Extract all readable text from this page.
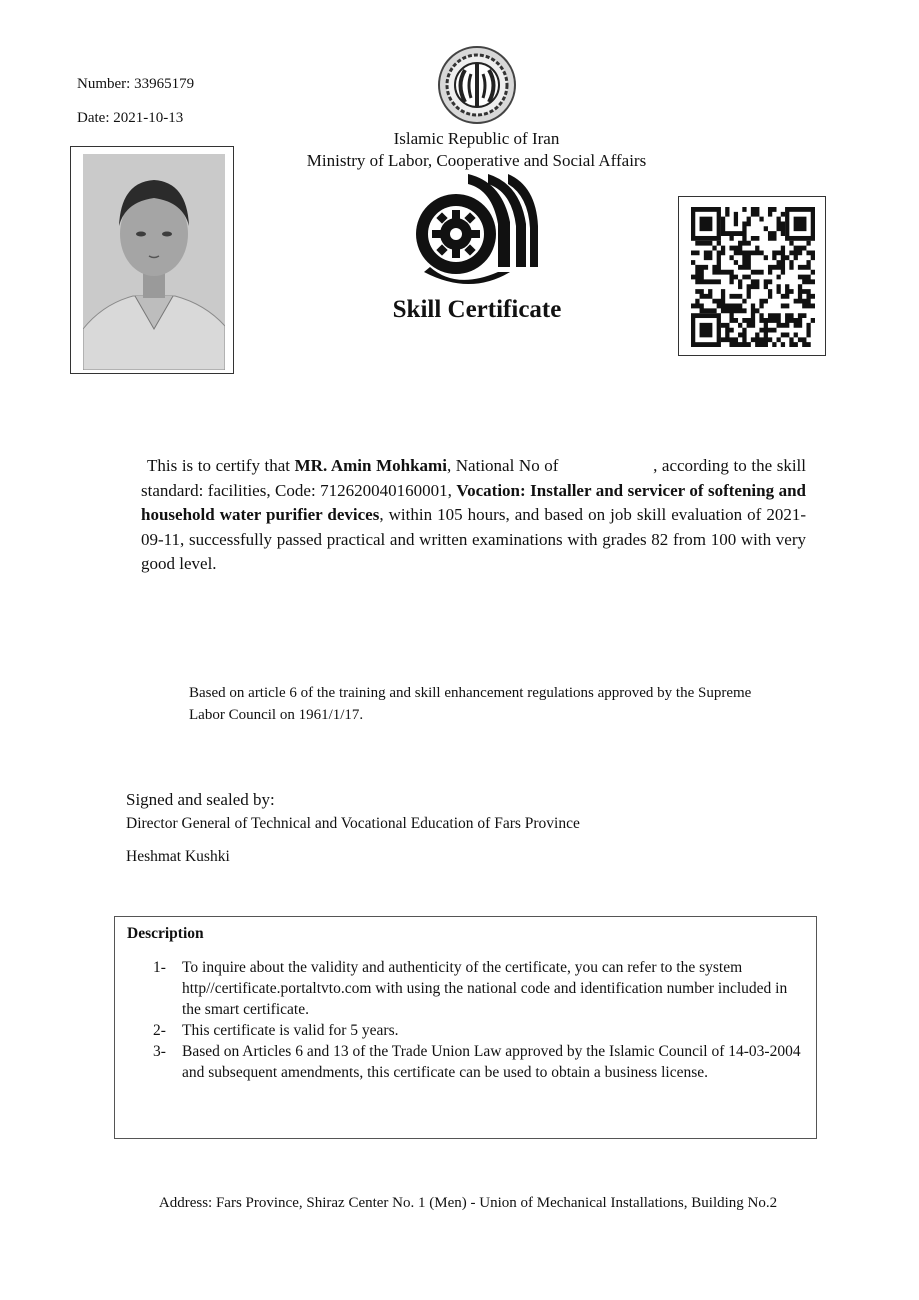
Number: 33965179
Date: 2021-10-13
Islamic Republic of Iran
Ministry of Labor, Cooperative and Social Affairs
Skill Certificate
This is to certify that MR. Amin Mohkami, National No of	, according to the skill standard: facilities, Code: 712620040160001, Vocation: Installer and servicer of softening and household water purifier devices, within 105 hours, and based on job skill evaluation of 2021-09-11, successfully passed practical and written examinations with grades 82 from 100 with very good level.
Based on article 6 of the training and skill enhancement regulations approved by the Supreme Labor Council on 1961/1/17.
Signed and sealed by:
Director General of Technical and Vocational Education of Fars Province
Heshmat Kushki
Description
1- To inquire about the validity and authenticity of the certificate, you can refer to the system http//certificate.portaltvto.com with using the national code and identification number included in the smart certificate.
2- This certificate is valid for 5 years.
3- Based on Articles 6 and 13 of the Trade Union Law approved by the Islamic Council of 14-03-2004 and subsequent amendments, this certificate can be used to obtain a business license.
Address: Fars Province, Shiraz Center No. 1 (Men) - Union of Mechanical Installations, Building No.2
